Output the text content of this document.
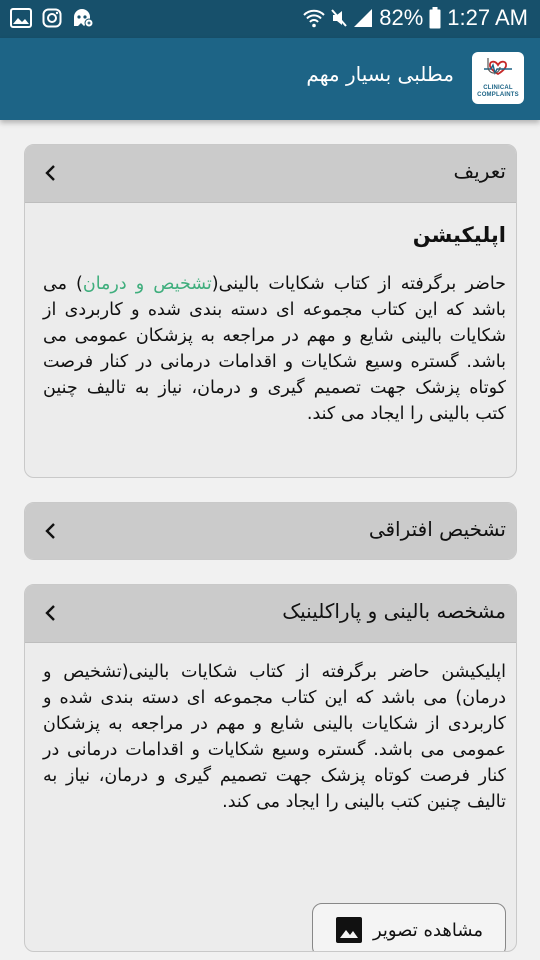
82% 1:27 AM
CLINICAL
COMPLAINTS
مطلبی بسیار مهم
تعریف
اپلیکیشن

حاضر برگرفته از کتاب شکایات بالینی(تشخیص و درمان) می باشد که این کتاب مجموعه ای دسته بندی شده و کاربردی از شکایات بالینی شایع و مهم در مراجعه به پزشکان عمومی می باشد. گستره وسیع شکایات و اقدامات درمانی در کنار فرصت کوتاه پزشک جهت تصمیم گیری و درمان، نیاز به تالیف چنین کتب بالینی را ایجاد می کند.

تشخیص افتراقی
مشخصه بالینی و پاراکلینیک

اپلیکیشن حاضر برگرفته از کتاب شکایات بالینی(تشخیص و درمان) می باشد که این کتاب مجموعه ای دسته بندی شده و کاربردی از شکایات بالینی شایع و مهم در مراجعه به پزشکان عمومی می باشد. گستره وسیع شکایات و اقدامات درمانی در کنار فرصت کوتاه پزشک جهت تصمیم گیری و درمان، نیاز به تالیف چنین کتب بالینی را ایجاد می کند.

مشاهده تصویر
